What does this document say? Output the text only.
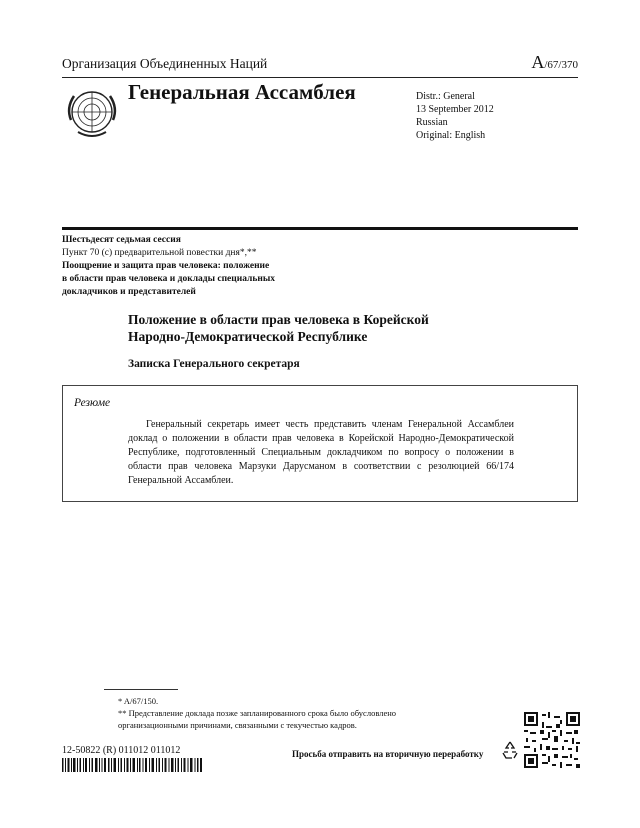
Организация Объединенных Наций	A/67/370
Генеральная Ассамблея	Distr.: General
13 September 2012
Russian
Original: English
Шестьдесят седьмая сессия
Пункт 70 (с) предварительной повестки дня*,**
Поощрение и защита прав человека: положение
в области прав человека и доклады специальных
докладчиков и представителей
Положение в области прав человека в Корейской
Народно-Демократической Республике
Записка Генерального секретаря
Резюме
Генеральный секретарь имеет честь представить членам Генеральной Ассамблеи доклад о положении в области прав человека в Корейской Народно-Демократической Республике, подготовленный Специальным докладчиком по вопросу о положении в области прав человека Марзуки Дарусманом в соответствии с резолюцией 66/174 Генеральной Ассамблеи.
* A/67/150.
** Представление доклада позже запланированного срока было обусловлено организационными причинами, связанными с текучестью кадров.
12-50822 (R) 011012 011012	Просьба отправить на вторичную переработку
